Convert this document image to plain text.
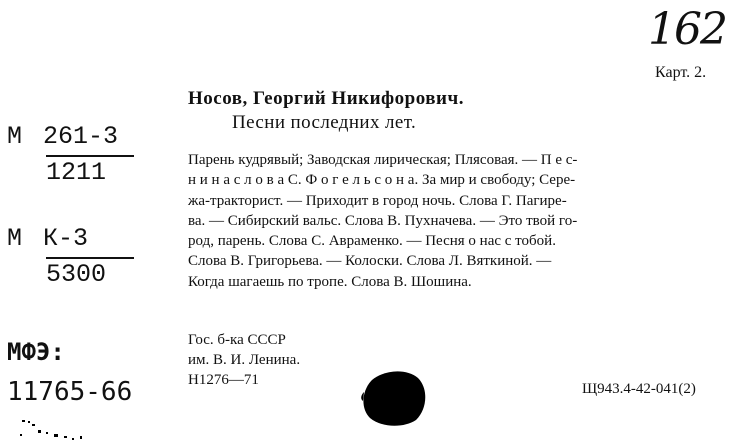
162
Карт. 2.
Носов, Георгий Никифорович.
Песни последних лет.
Парень кудрявый; Заводская лирическая; Плясовая. — П е с-
н и н а с л о в а С. Ф о г е л ь с о н а. За мир и свободу; Сере-
жа-тракторист. — Приходит в город ночь. Слова Г. Пагире-
ва. — Сибирский вальс. Слова В. Пухначева. — Это твой го-
род, парень. Слова С. Авраменко. — Песня о нас с тобой.
Слова В. Григорьева. — Колоски. Слова Л. Вяткиной. —
Когда шагаешь по тропе. Слова В. Шошина.
Гос. б-ка СССР
им. В. И. Ленина.
Н1276—71
Щ943.4-42-041(2)
М 261-3
1211
М К-3
5300
МФЭ:
11765-66
